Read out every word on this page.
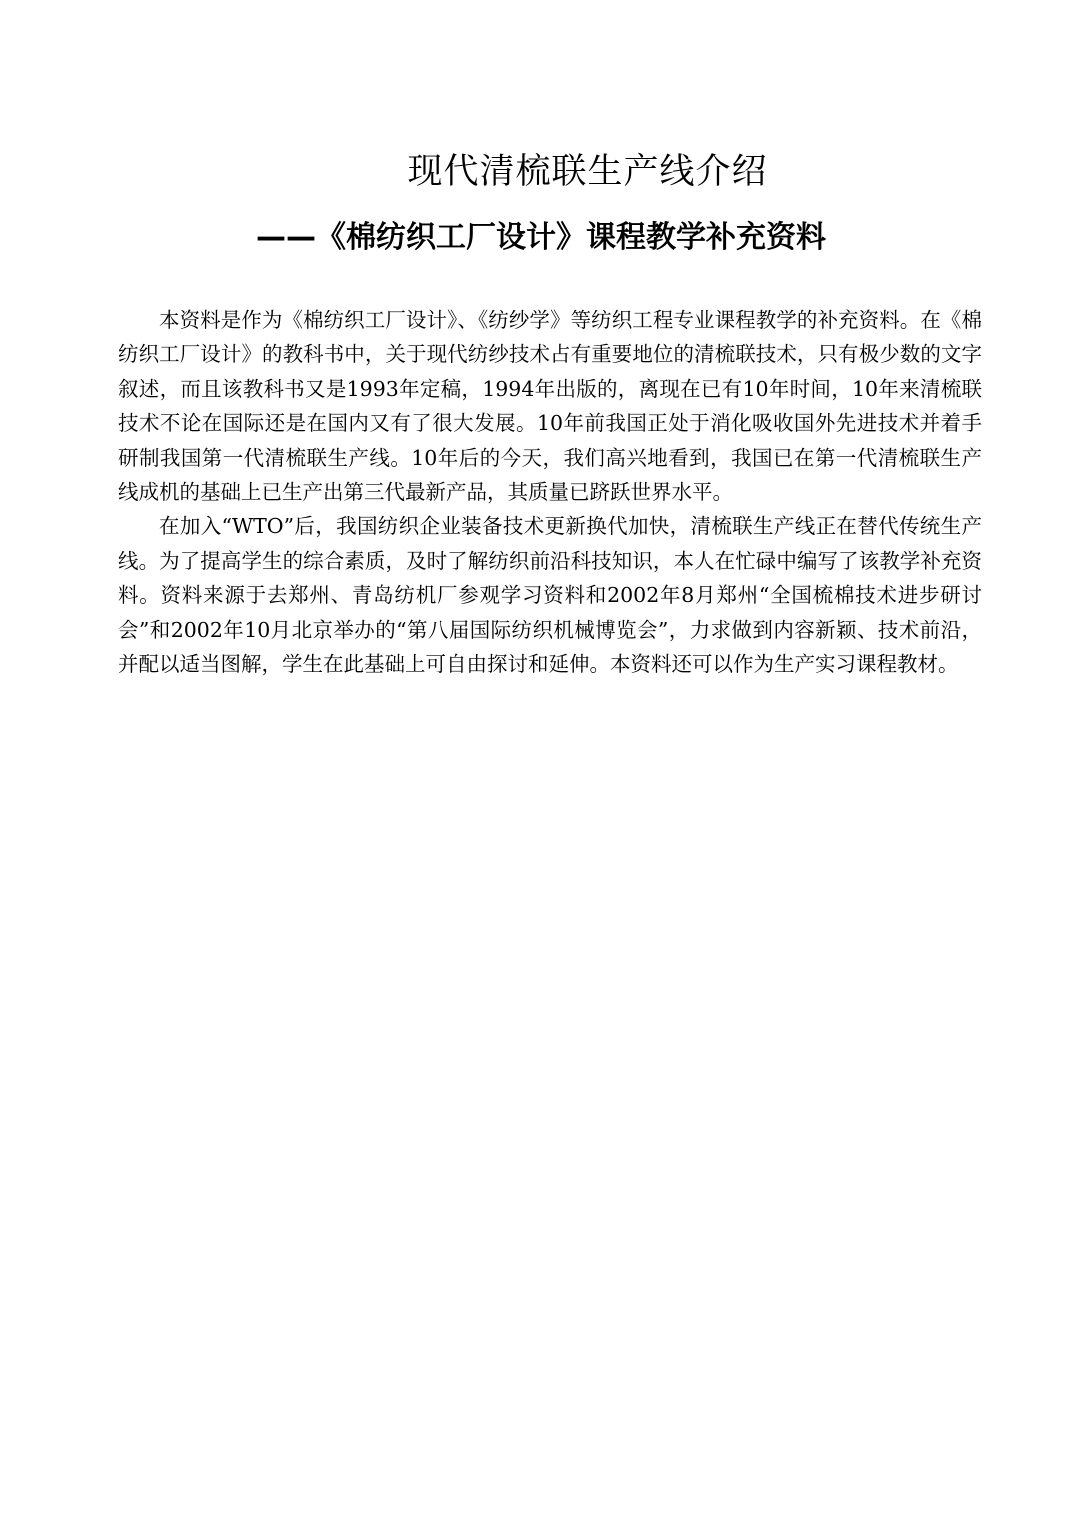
现代清梳联生产线介绍
——《棉纺织工厂设计》课程教学补充资料

本资料是作为《棉纺织工厂设计》、《纺纱学》等纺织工程专业课程教学的补充资料。在《棉纺织工厂设计》的教科书中，关于现代纺纱技术占有重要地位的清梳联技术，只有极少数的文字叙述，而且该教科书又是1993年定稿，1994年出版的，离现在已有10年时间，10年来清梳联技术不论在国际还是在国内又有了很大发展。10年前我国正处于消化吸收国外先进技术并着手研制我国第一代清梳联生产线。10年后的今天，我们高兴地看到，我国已在第一代清梳联生产线成机的基础上已生产出第三代最新产品，其质量已跻跃世界水平。

在加入“WTO”后，我国纺织企业装备技术更新换代加快，清梳联生产线正在替代传统生产线。为了提高学生的综合素质，及时了解纺织前沿科技知识，本人在忙碌中编写了该教学补充资料。资料来源于去郑州、青岛纺机厂参观学习资料和2002年8月郑州“全国梳棉技术进步研讨会”和2002年10月北京举办的“第八届国际纺织机械博览会”，力求做到内容新颖、技术前沿，并配以适当图解，学生在此基础上可自由探讨和延伸。本资料还可以作为生产实习课程教材。
